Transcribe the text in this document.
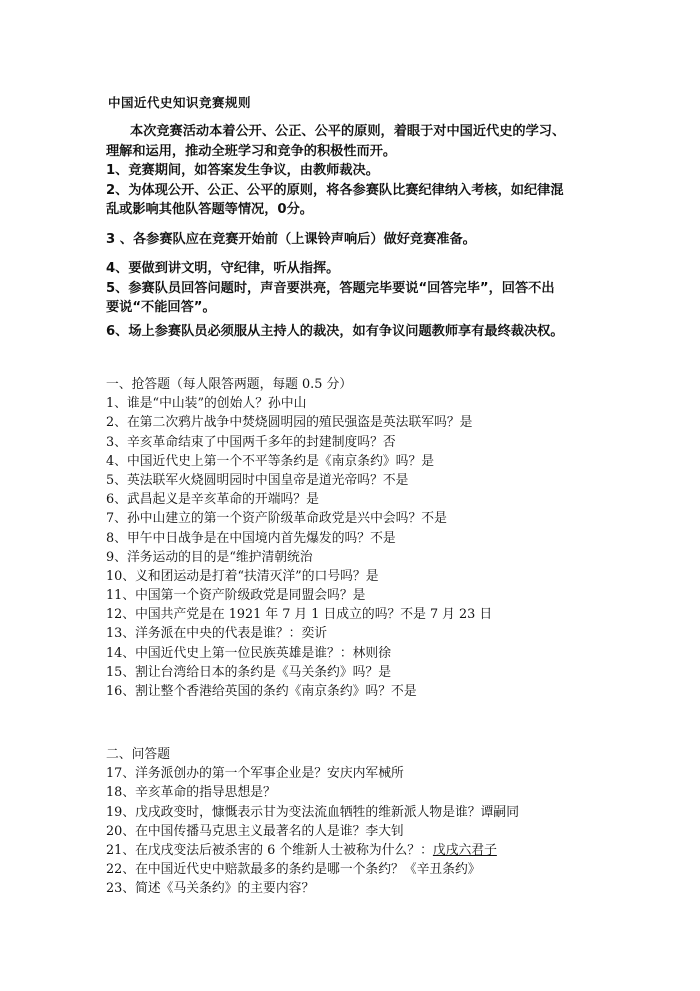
中国近代史知识竞赛规则
本次竞赛活动本着公开、公正、公平的原则，着眼于对中国近代史的学习、
理解和运用，推动全班学习和竞争的积极性而开。
1、竞赛期间，如答案发生争议，由教师裁决。
2、为体现公开、公正、公平的原则，将各参赛队比赛纪律纳入考核，如纪律混
乱或影响其他队答题等情况，0分。
3 、各参赛队应在竞赛开始前（上课铃声响后）做好竞赛准备。
4、要做到讲文明，守纪律，听从指挥。
5、参赛队员回答问题时，声音要洪亮，答题完毕要说“回答完毕”，回答不出
要说“不能回答”。
6、场上参赛队员必须服从主持人的裁决，如有争议问题教师享有最终裁决权。
一、抢答题（每人限答两题，每题 0.5 分）
1、谁是“中山装”的创始人？孙中山
2、在第二次鸦片战争中焚烧圆明园的殖民强盗是英法联军吗？是
3、辛亥革命结束了中国两千多年的封建制度吗？否
4、中国近代史上第一个不平等条约是《南京条约》吗？是
5、英法联军火烧圆明园时中国皇帝是道光帝吗？不是
6、武昌起义是辛亥革命的开端吗？是
7、孙中山建立的第一个资产阶级革命政党是兴中会吗？不是
8、甲午中日战争是在中国境内首先爆发的吗？不是
9、洋务运动的目的是“维护清朝统治
10、义和团运动是打着“扶清灭洋”的口号吗？是
11、中国第一个资产阶级政党是同盟会吗？是
12、中国共产党是在 1921 年 7 月 1 日成立的吗？不是 7 月 23 日
13、洋务派在中央的代表是谁？：奕䜣
14、中国近代史上第一位民族英雄是谁？：林则徐
15、割让台湾给日本的条约是《马关条约》吗？是
16、割让整个香港给英国的条约《南京条约》吗？不是
二、问答题
17、洋务派创办的第一个军事企业是？安庆内军械所
18、辛亥革命的指导思想是？
19、戊戌政变时，慷慨表示甘为变法流血牺牲的维新派人物是谁？谭嗣同
20、在中国传播马克思主义最著名的人是谁？李大钊
21、在戊戌变法后被杀害的 6 个维新人士被称为什么？：戊戌六君子
22、在中国近代史中赔款最多的条约是哪一个条约？《辛丑条约》
23、简述《马关条约》的主要内容？
